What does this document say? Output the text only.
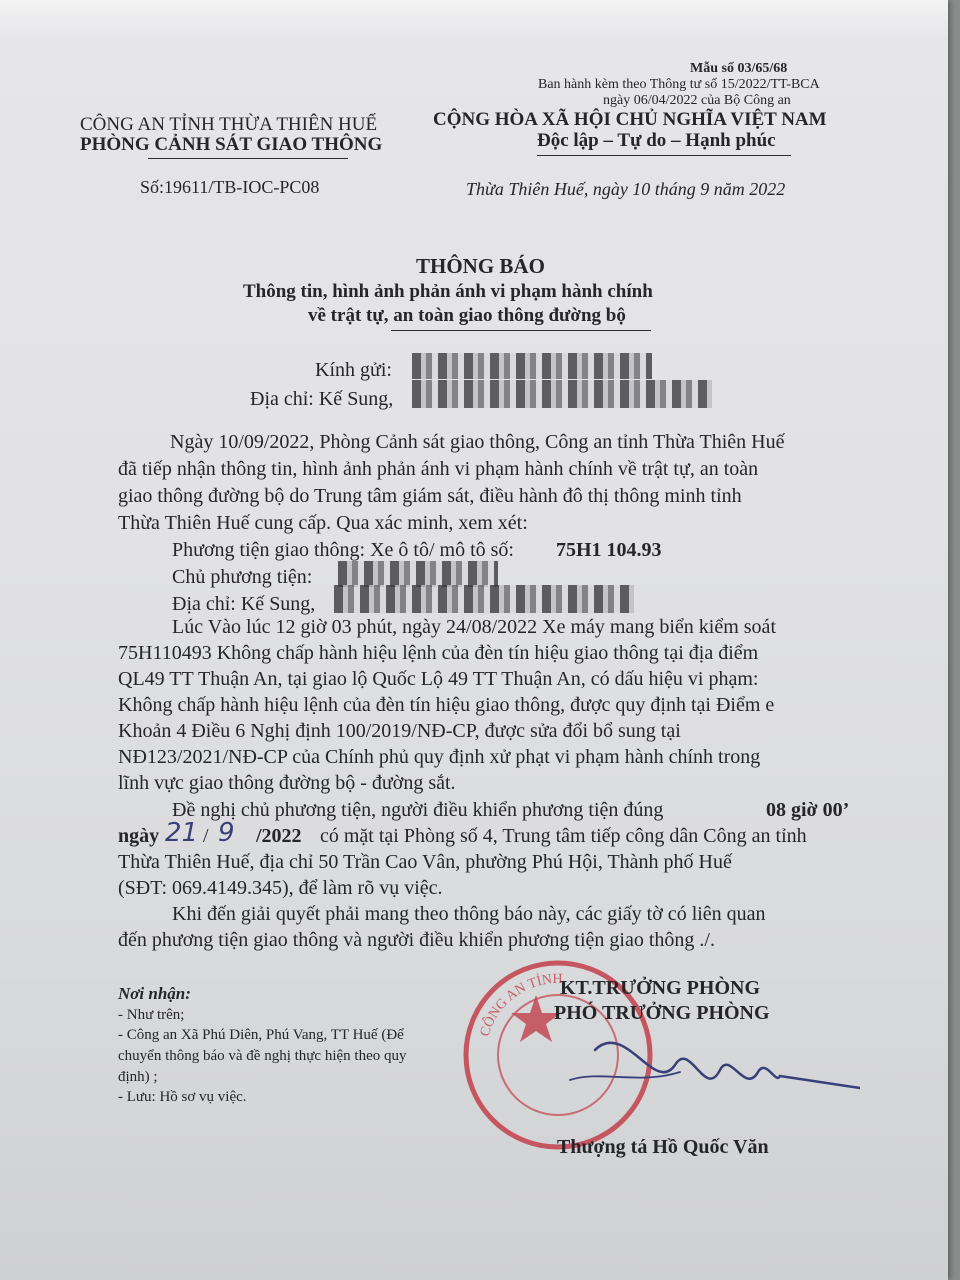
Mẫu số 03/65/68
Ban hành kèm theo Thông tư số 15/2022/TT-BCA
ngày 06/04/2022 của Bộ Công an
CÔNG AN TỈNH THỪA THIÊN HUẾ
PHÒNG CẢNH SÁT GIAO THÔNG
CỘNG HÒA XÃ HỘI CHỦ NGHĨA VIỆT NAM
Độc lập – Tự do – Hạnh phúc
Số:19611/TB-IOC-PC08	Thừa Thiên Huế, ngày 10 tháng 9 năm 2022
THÔNG BÁO
Thông tin, hình ảnh phản ánh vi phạm hành chính
về trật tự, an toàn giao thông đường bộ
Kính gửi:
Địa chỉ: Kế Sung,
Ngày 10/09/2022, Phòng Cảnh sát giao thông, Công an tỉnh Thừa Thiên Huế
đã tiếp nhận thông tin, hình ảnh phản ánh vi phạm hành chính về trật tự, an toàn
giao thông đường bộ do Trung tâm giám sát, điều hành đô thị thông minh tỉnh
Thừa Thiên Huế cung cấp. Qua xác minh, xem xét:
Phương tiện giao thông: Xe ô tô/ mô tô số: 75H1 104.93
Chủ phương tiện:
Địa chỉ: Kế Sung,
Lúc Vào lúc 12 giờ 03 phút, ngày 24/08/2022 Xe máy mang biển kiểm soát
75H110493 Không chấp hành hiệu lệnh của đèn tín hiệu giao thông tại địa điểm
QL49 TT Thuận An, tại giao lộ Quốc Lộ 49 TT Thuận An, có dấu hiệu vi phạm:
Không chấp hành hiệu lệnh của đèn tín hiệu giao thông, được quy định tại Điểm e
Khoản 4 Điều 6 Nghị định 100/2019/NĐ-CP, được sửa đổi bổ sung tại
NĐ123/2021/NĐ-CP của Chính phủ quy định xử phạt vi phạm hành chính trong
lĩnh vực giao thông đường bộ - đường sắt.
Đề nghị chủ phương tiện, người điều khiển phương tiện đúng	08 giờ 00’
ngày 21 / 9 /2022 có mặt tại Phòng số 4, Trung tâm tiếp công dân Công an tỉnh
Thừa Thiên Huế, địa chỉ 50 Trần Cao Vân, phường Phú Hội, Thành phố Huế
(SĐT: 069.4149.345), để làm rõ vụ việc.
Khi đến giải quyết phải mang theo thông báo này, các giấy tờ có liên quan
đến phương tiện giao thông và người điều khiển phương tiện giao thông ./.
Nơi nhận:
- Như trên;
- Công an Xã Phú Diên, Phú Vang, TT Huế (Để
chuyển thông báo và đề nghị thực hiện theo quy
định) ;
- Lưu: Hồ sơ vụ việc.
CÔNG AN TỈNH
KT.TRƯỞNG PHÒNG
PHÓ TRƯỞNG PHÒNG
Thượng tá Hồ Quốc Văn
